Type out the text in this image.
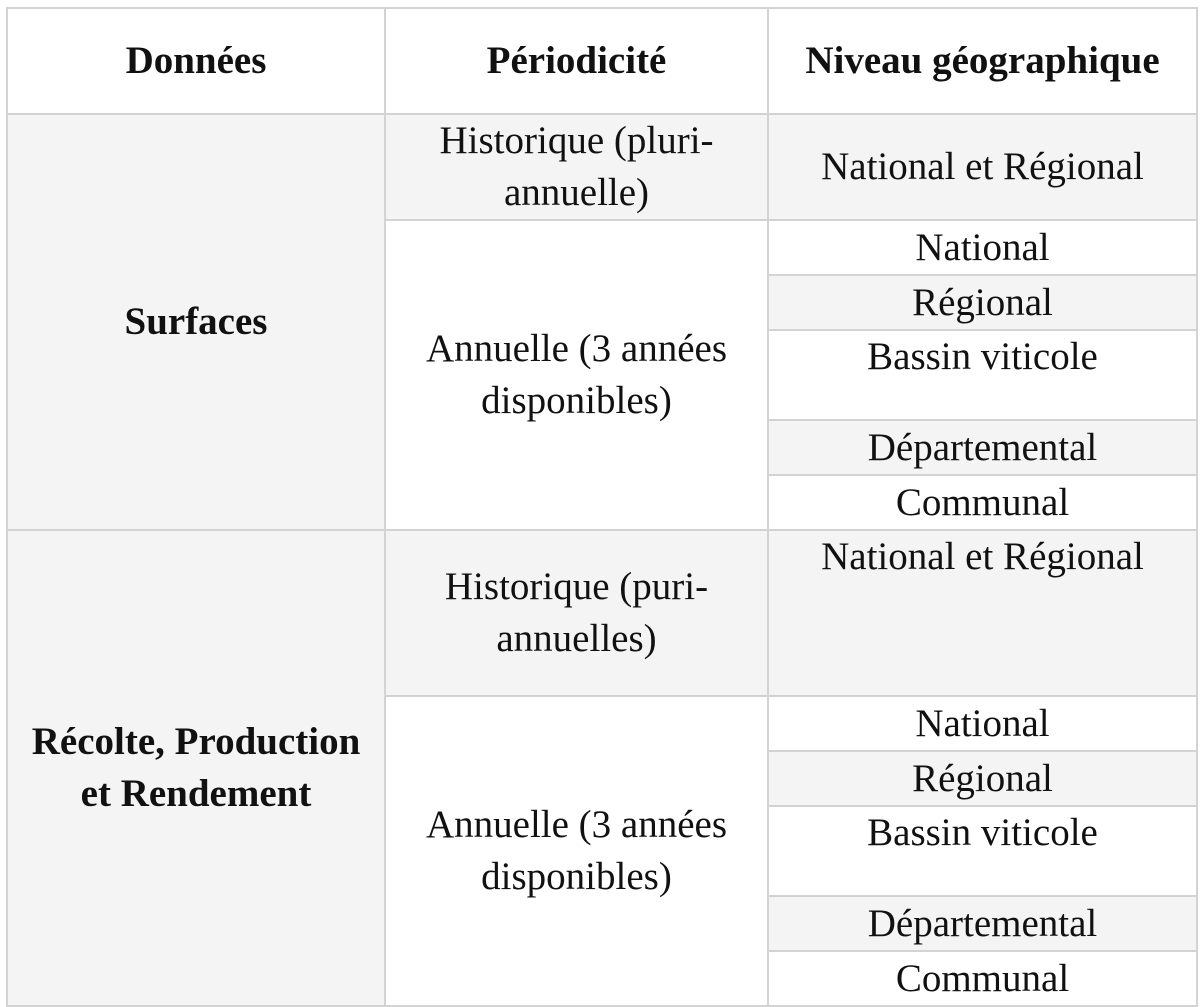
Données	Périodicité	Niveau géographique
Surfaces	Historique (pluri-annuelle)	National et Régional
	Annuelle (3 années disponibles)	National
		Régional
		Bassin viticole
		Départemental
		Communal
Récolte, Production et Rendement	Historique (puri-annuelles)	National et Régional
	Annuelle (3 années disponibles)	National
		Régional
		Bassin viticole
		Départemental
		Communal
